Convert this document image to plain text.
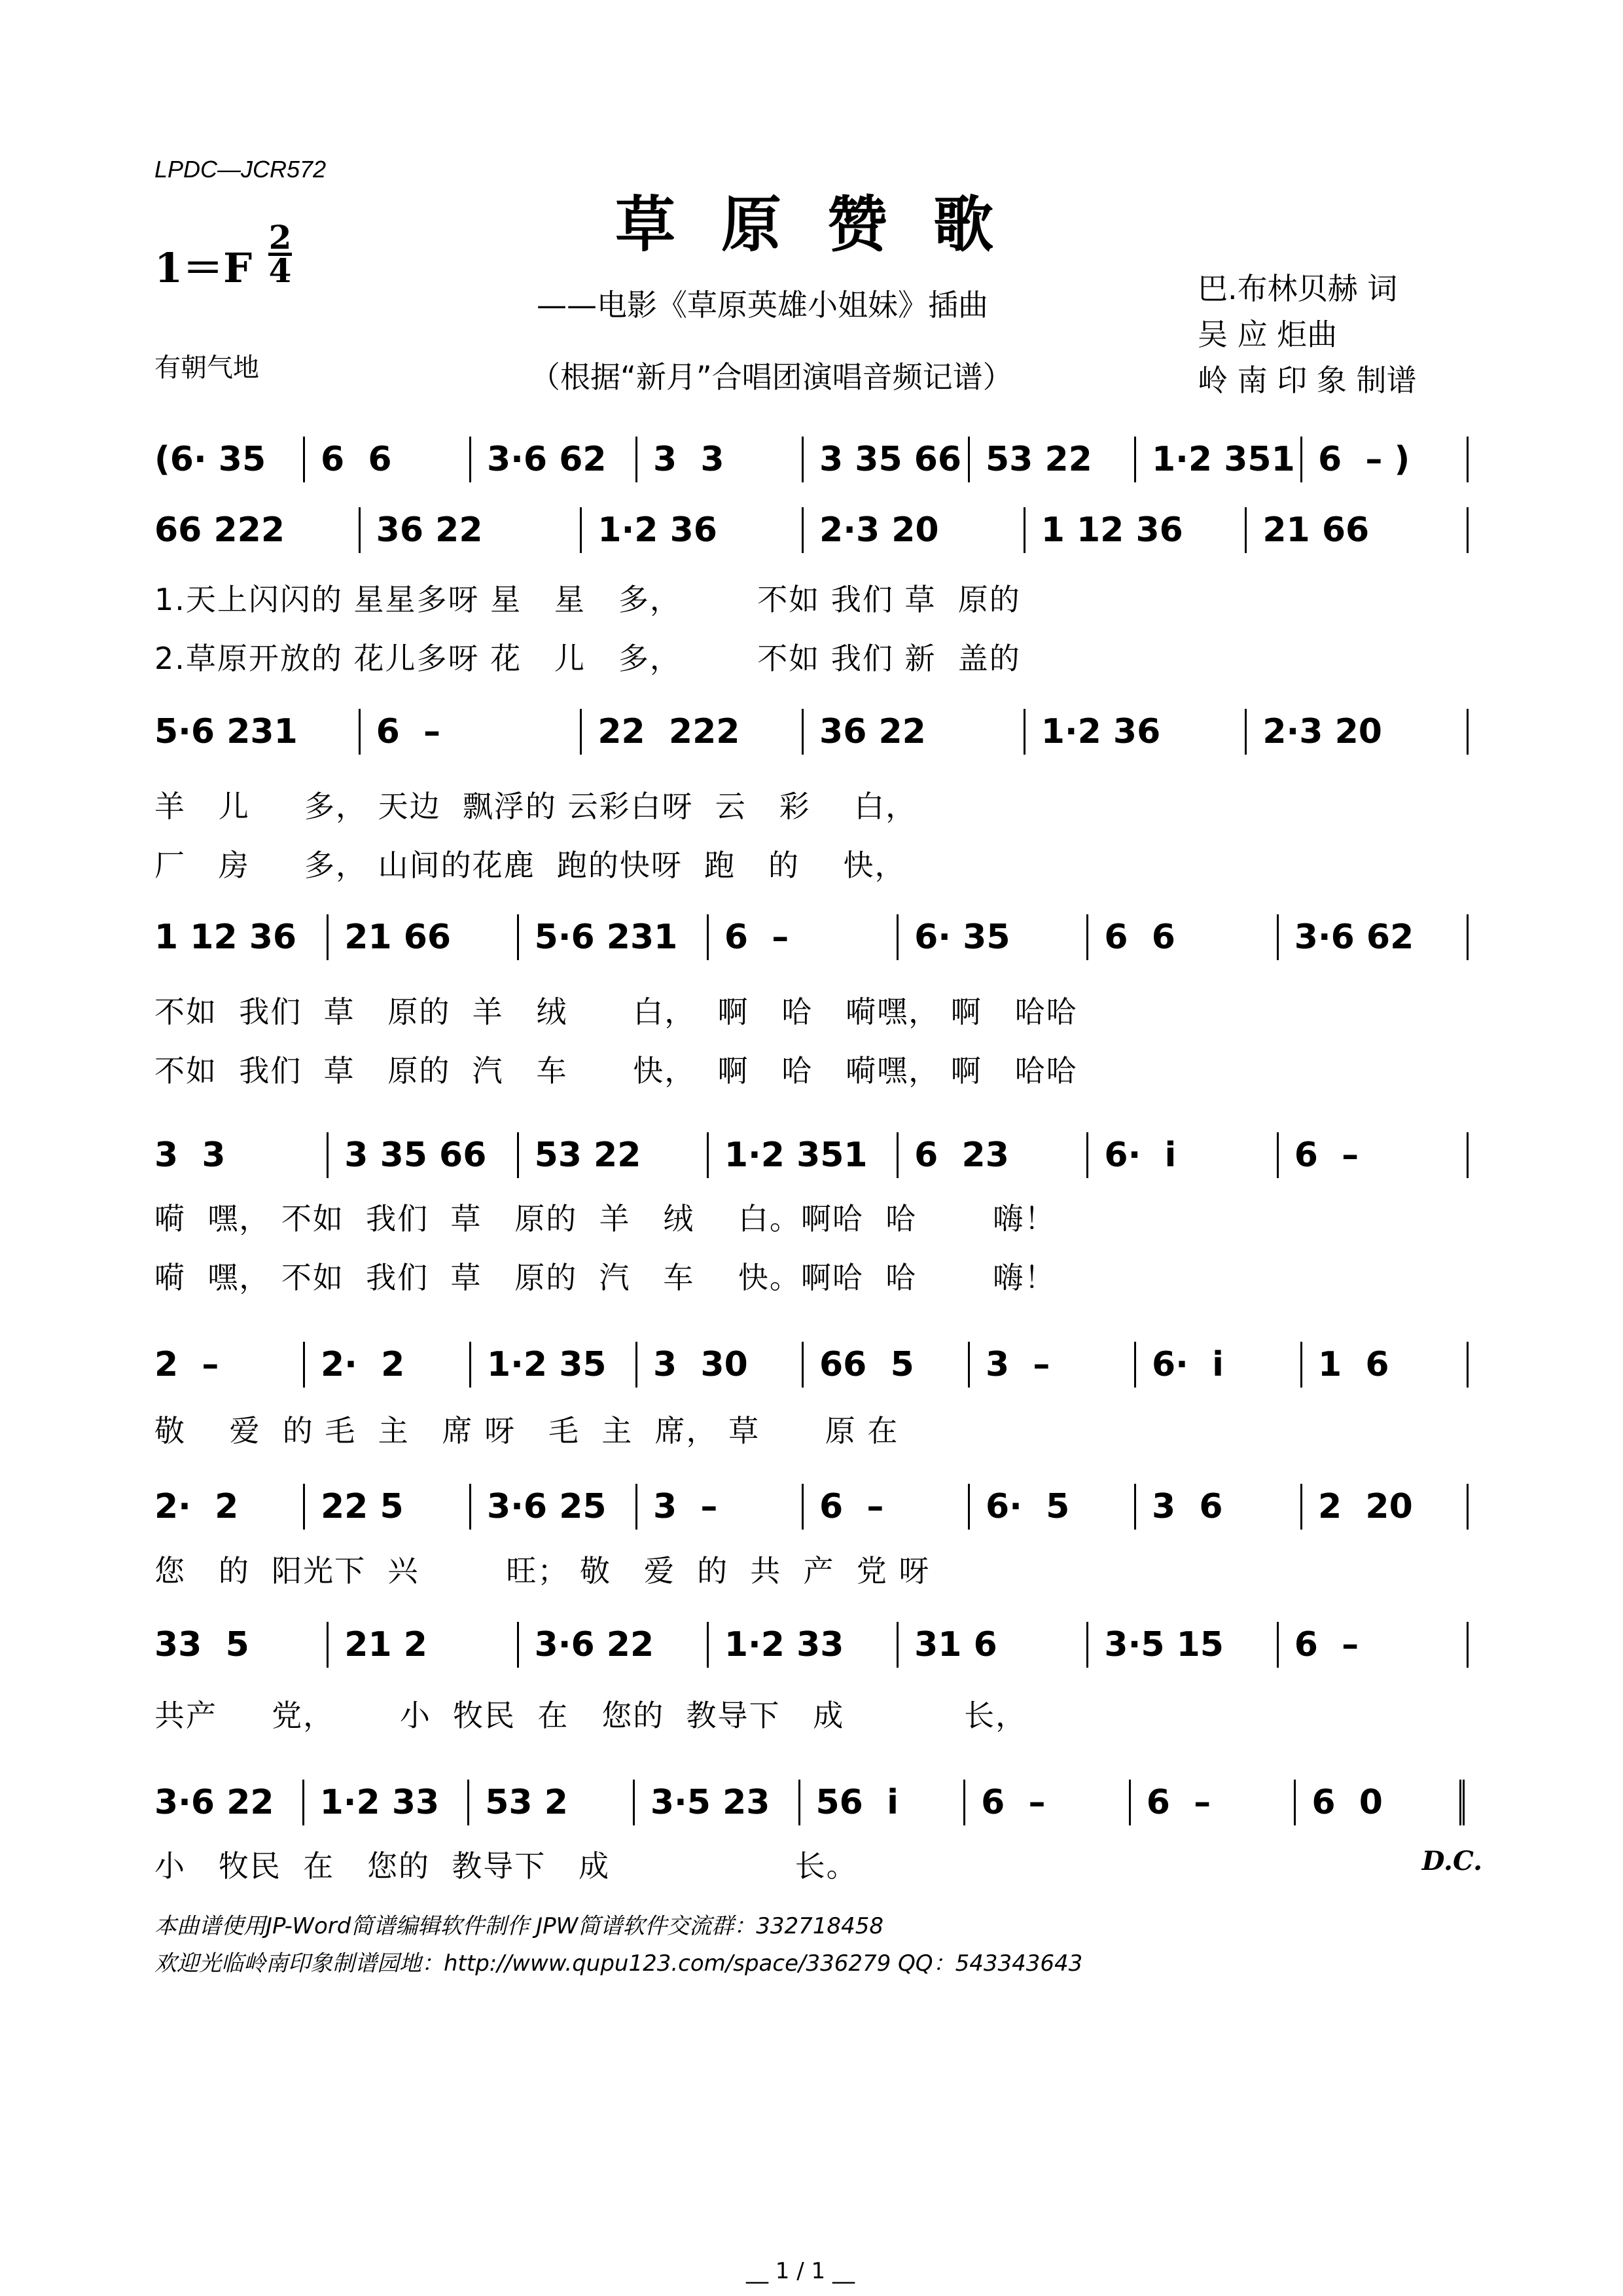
LPDC—JCR572
草原赞歌
1＝F
2
4
有朝气地
——电影《草原英雄小姐妹》插曲
（根据“新月”合唱团演唱音频记谱）
巴.布林贝赫 词
吴 应 炬曲
岭 南 印 象 制谱
(6· 35	6  6	3·6 62	3  3	3 35 66 53 22	1·2 351 6  – )
66 222	36 22	1·2 36	2·3 20	1 12 36	21 66
1.天上闪闪的 星星多呀 星   星   多，       不如 我们 草  原的
2.草原开放的 花儿多呀 花   儿   多，       不如 我们 新  盖的
5·6 231	6  –	22  222	36 22	1·2 36	2·3 20
羊   儿     多， 天边  飘浮的 云彩白呀  云   彩    白，
厂   房     多， 山间的花鹿  跑的快呀  跑   的    快，
1 12 36	21 66	5·6 231	6  –	6· 35	6  6	3·6 62
不如  我们  草   原的  羊   绒      白，  啊   哈   嗬嘿， 啊   哈哈
不如  我们  草   原的  汽   车      快，  啊   哈   嗬嘿， 啊   哈哈
3  3	3 35 66	53 22	1·2 351	6  23	6·  i	6  –
嗬  嘿， 不如  我们  草   原的  羊   绒    白。啊哈  哈       嗨！
嗬  嘿， 不如  我们  草   原的  汽   车    快。啊哈  哈       嗨！
2  –	2·  2	1·2 35	3  30	66  5	3  –	6·  i	1  6
敬    爱  的 毛  主   席 呀   毛  主  席， 草      原 在
2·  2	22 5	3·6 25	3  –	6  –	6·  5	3  6	2  20
您   的  阳光下  兴        旺； 敬   爱  的  共  产  党 呀
33  5	21 2	3·6 22	1·2 33	31 6	3·5 15	6  –
共产     党，      小  牧民  在   您的  教导下   成           长，
3·6 22	1·2 33	53 2	3·5 23	56  i	6  –	6  –	6  0
小   牧民  在   您的  教导下   成                 长。	D.C.
本曲谱使用JP-Word简谱编辑软件制作 JPW简谱软件交流群：332718458
欢迎光临岭南印象制谱园地：http://www.qupu123.com/space/336279 QQ：543343643
__ 1 / 1 __
